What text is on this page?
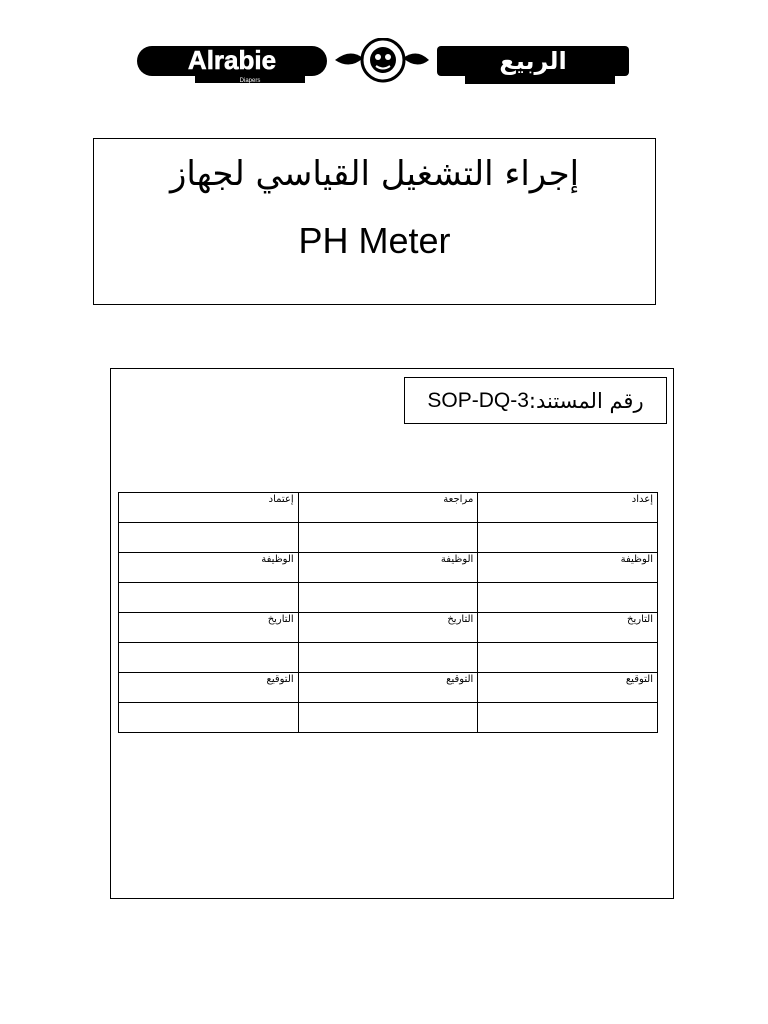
Alrabie
Diapers
الربيع
إجراء التشغيل القياسي لجهاز
PH Meter
رقم المستند:
SOP-DQ-3
إعتماد	مراجعة	إعداد

الوظيفة	الوظيفة	الوظيفة

التاريخ	التاريخ	التاريخ

التوقيع	التوقيع	التوقيع
